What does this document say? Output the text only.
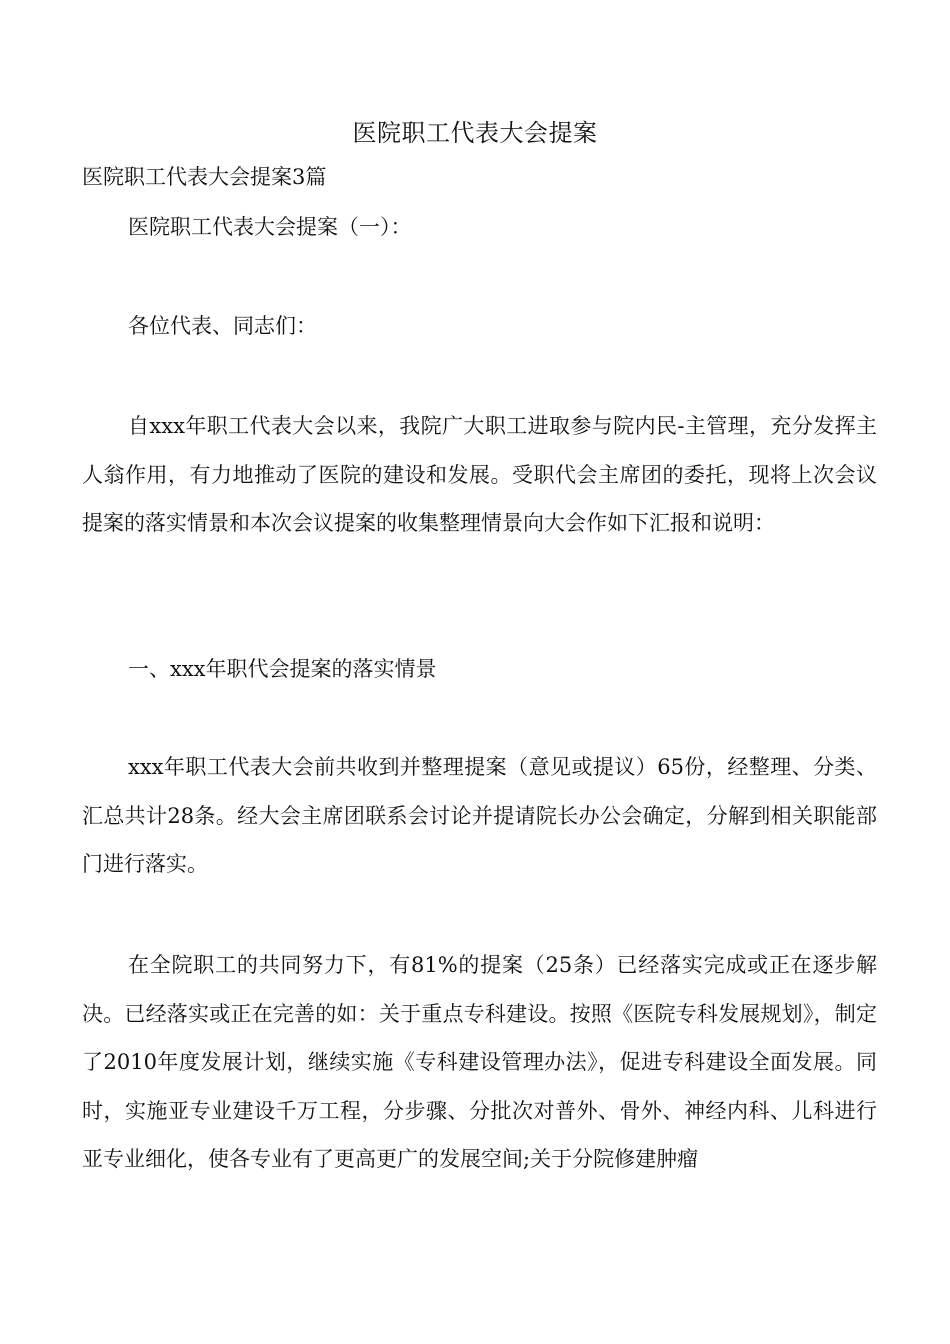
医院职工代表大会提案
医院职工代表大会提案3篇
医院职工代表大会提案（一）：
各位代表、同志们：
自xxx年职工代表大会以来，我院广大职工进取参与院内民-主管理，充分发挥主人翁作用，有力地推动了医院的建设和发展。受职代会主席团的委托，现将上次会议提案的落实情景和本次会议提案的收集整理情景向大会作如下汇报和说明：
一、xxx年职代会提案的落实情景
xxx年职工代表大会前共收到并整理提案（意见或提议）65份，经整理、分类、汇总共计28条。经大会主席团联系会讨论并提请院长办公会确定，分解到相关职能部门进行落实。
在全院职工的共同努力下，有81%的提案（25条）已经落实完成或正在逐步解决。已经落实或正在完善的如：关于重点专科建设。按照《医院专科发展规划》，制定了2010年度发展计划，继续实施《专科建设管理办法》，促进专科建设全面发展。同时，实施亚专业建设千万工程，分步骤、分批次对普外、骨外、神经内科、儿科进行亚专业细化，使各专业有了更高更广的发展空间;关于分院修建肿瘤
